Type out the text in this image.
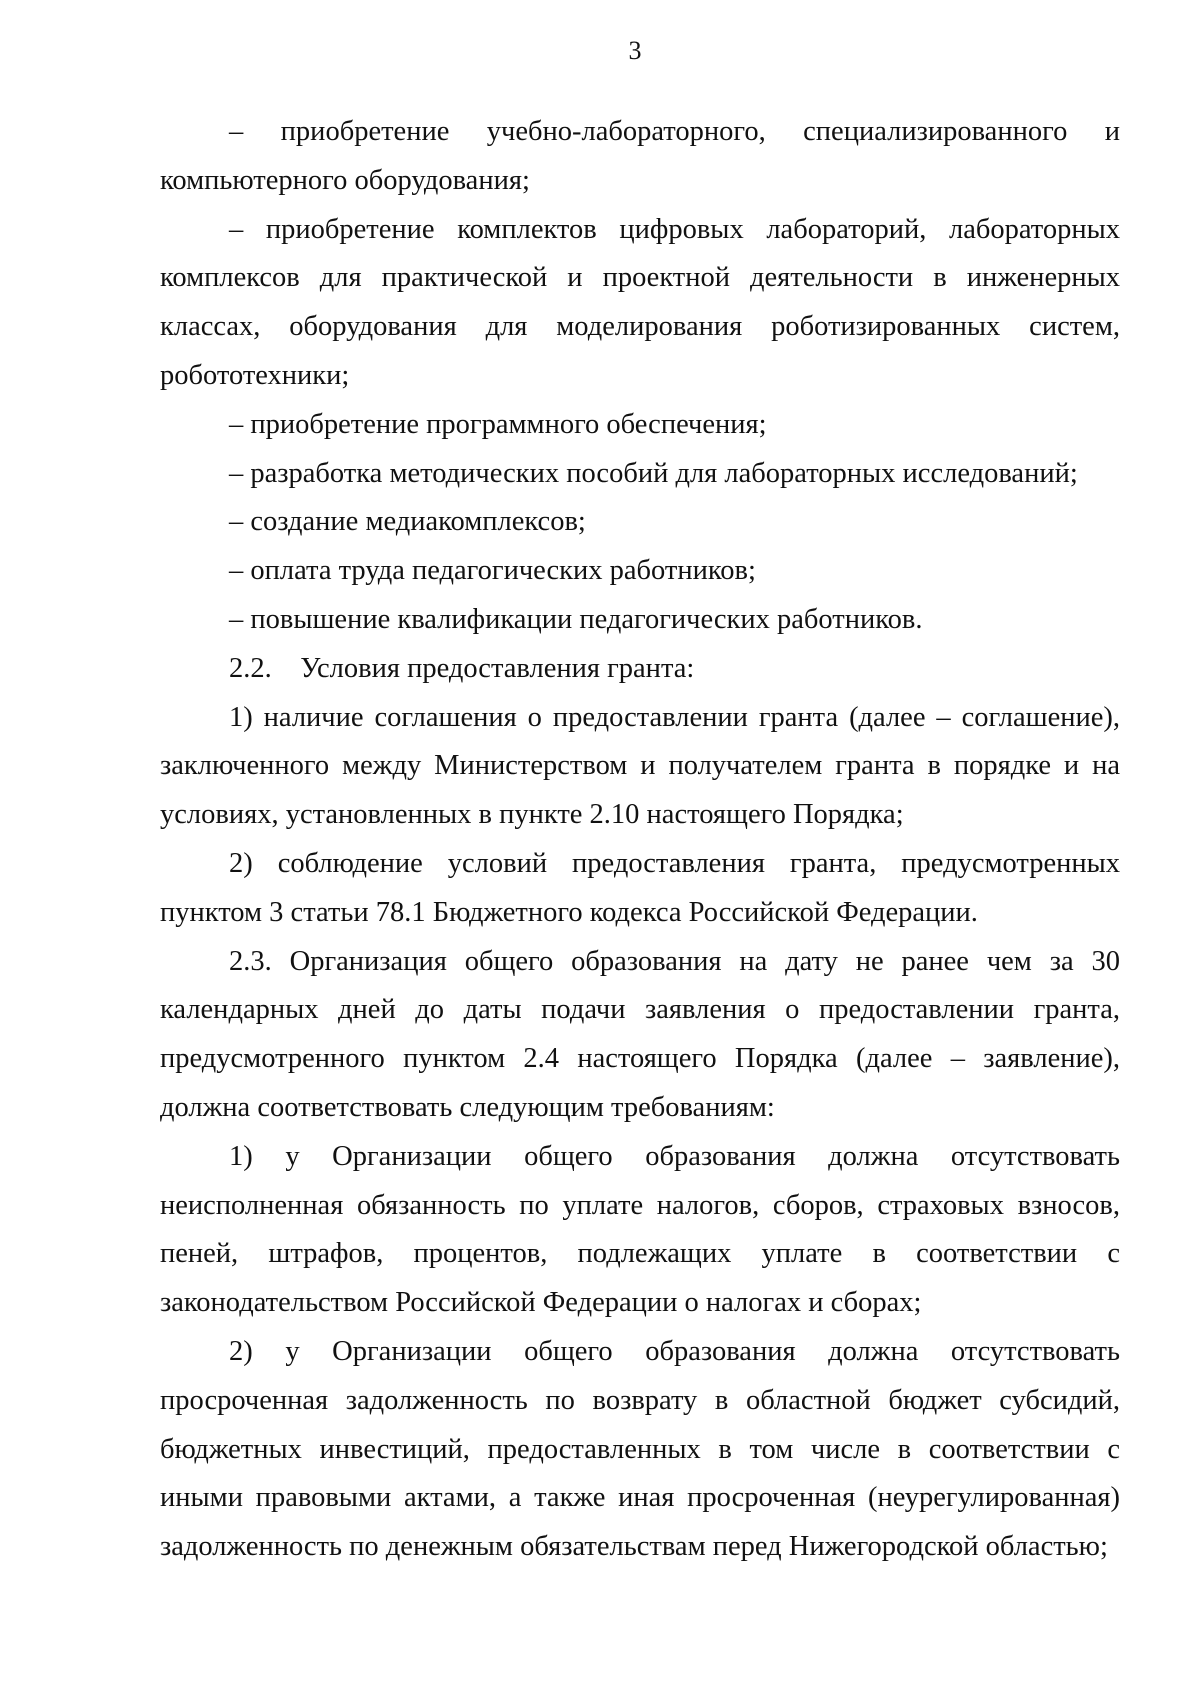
3

– приобретение учебно-лабораторного, специализированного и компьютерного оборудования;

– приобретение комплектов цифровых лабораторий, лабораторных комплексов для практической и проектной деятельности в инженерных классах, оборудования для моделирования роботизированных систем, робототехники;

– приобретение программного обеспечения;

– разработка методических пособий для лабораторных исследований;

– создание медиакомплексов;

– оплата труда педагогических работников;

– повышение квалификации педагогических работников.

2.2.    Условия предоставления гранта:

1) наличие соглашения о предоставлении гранта (далее – соглашение), заключенного между Министерством и получателем гранта в порядке и на условиях, установленных в пункте 2.10 настоящего Порядка;

2) соблюдение условий предоставления гранта, предусмотренных пунктом 3 статьи 78.1 Бюджетного кодекса Российской Федерации.

2.3. Организация общего образования на дату не ранее чем за 30 календарных дней до даты подачи заявления о предоставлении гранта, предусмотренного пунктом 2.4 настоящего Порядка (далее – заявление), должна соответствовать следующим требованиям:

1) у Организации общего образования должна отсутствовать неисполненная обязанность по уплате налогов, сборов, страховых взносов, пеней, штрафов, процентов, подлежащих уплате в соответствии с законодательством Российской Федерации о налогах и сборах;

2) у Организации общего образования должна отсутствовать просроченная задолженность по возврату в областной бюджет субсидий, бюджетных инвестиций, предоставленных в том числе в соответствии с иными правовыми актами, а также иная просроченная (неурегулированная) задолженность по денежным обязательствам перед Нижегородской областью;
